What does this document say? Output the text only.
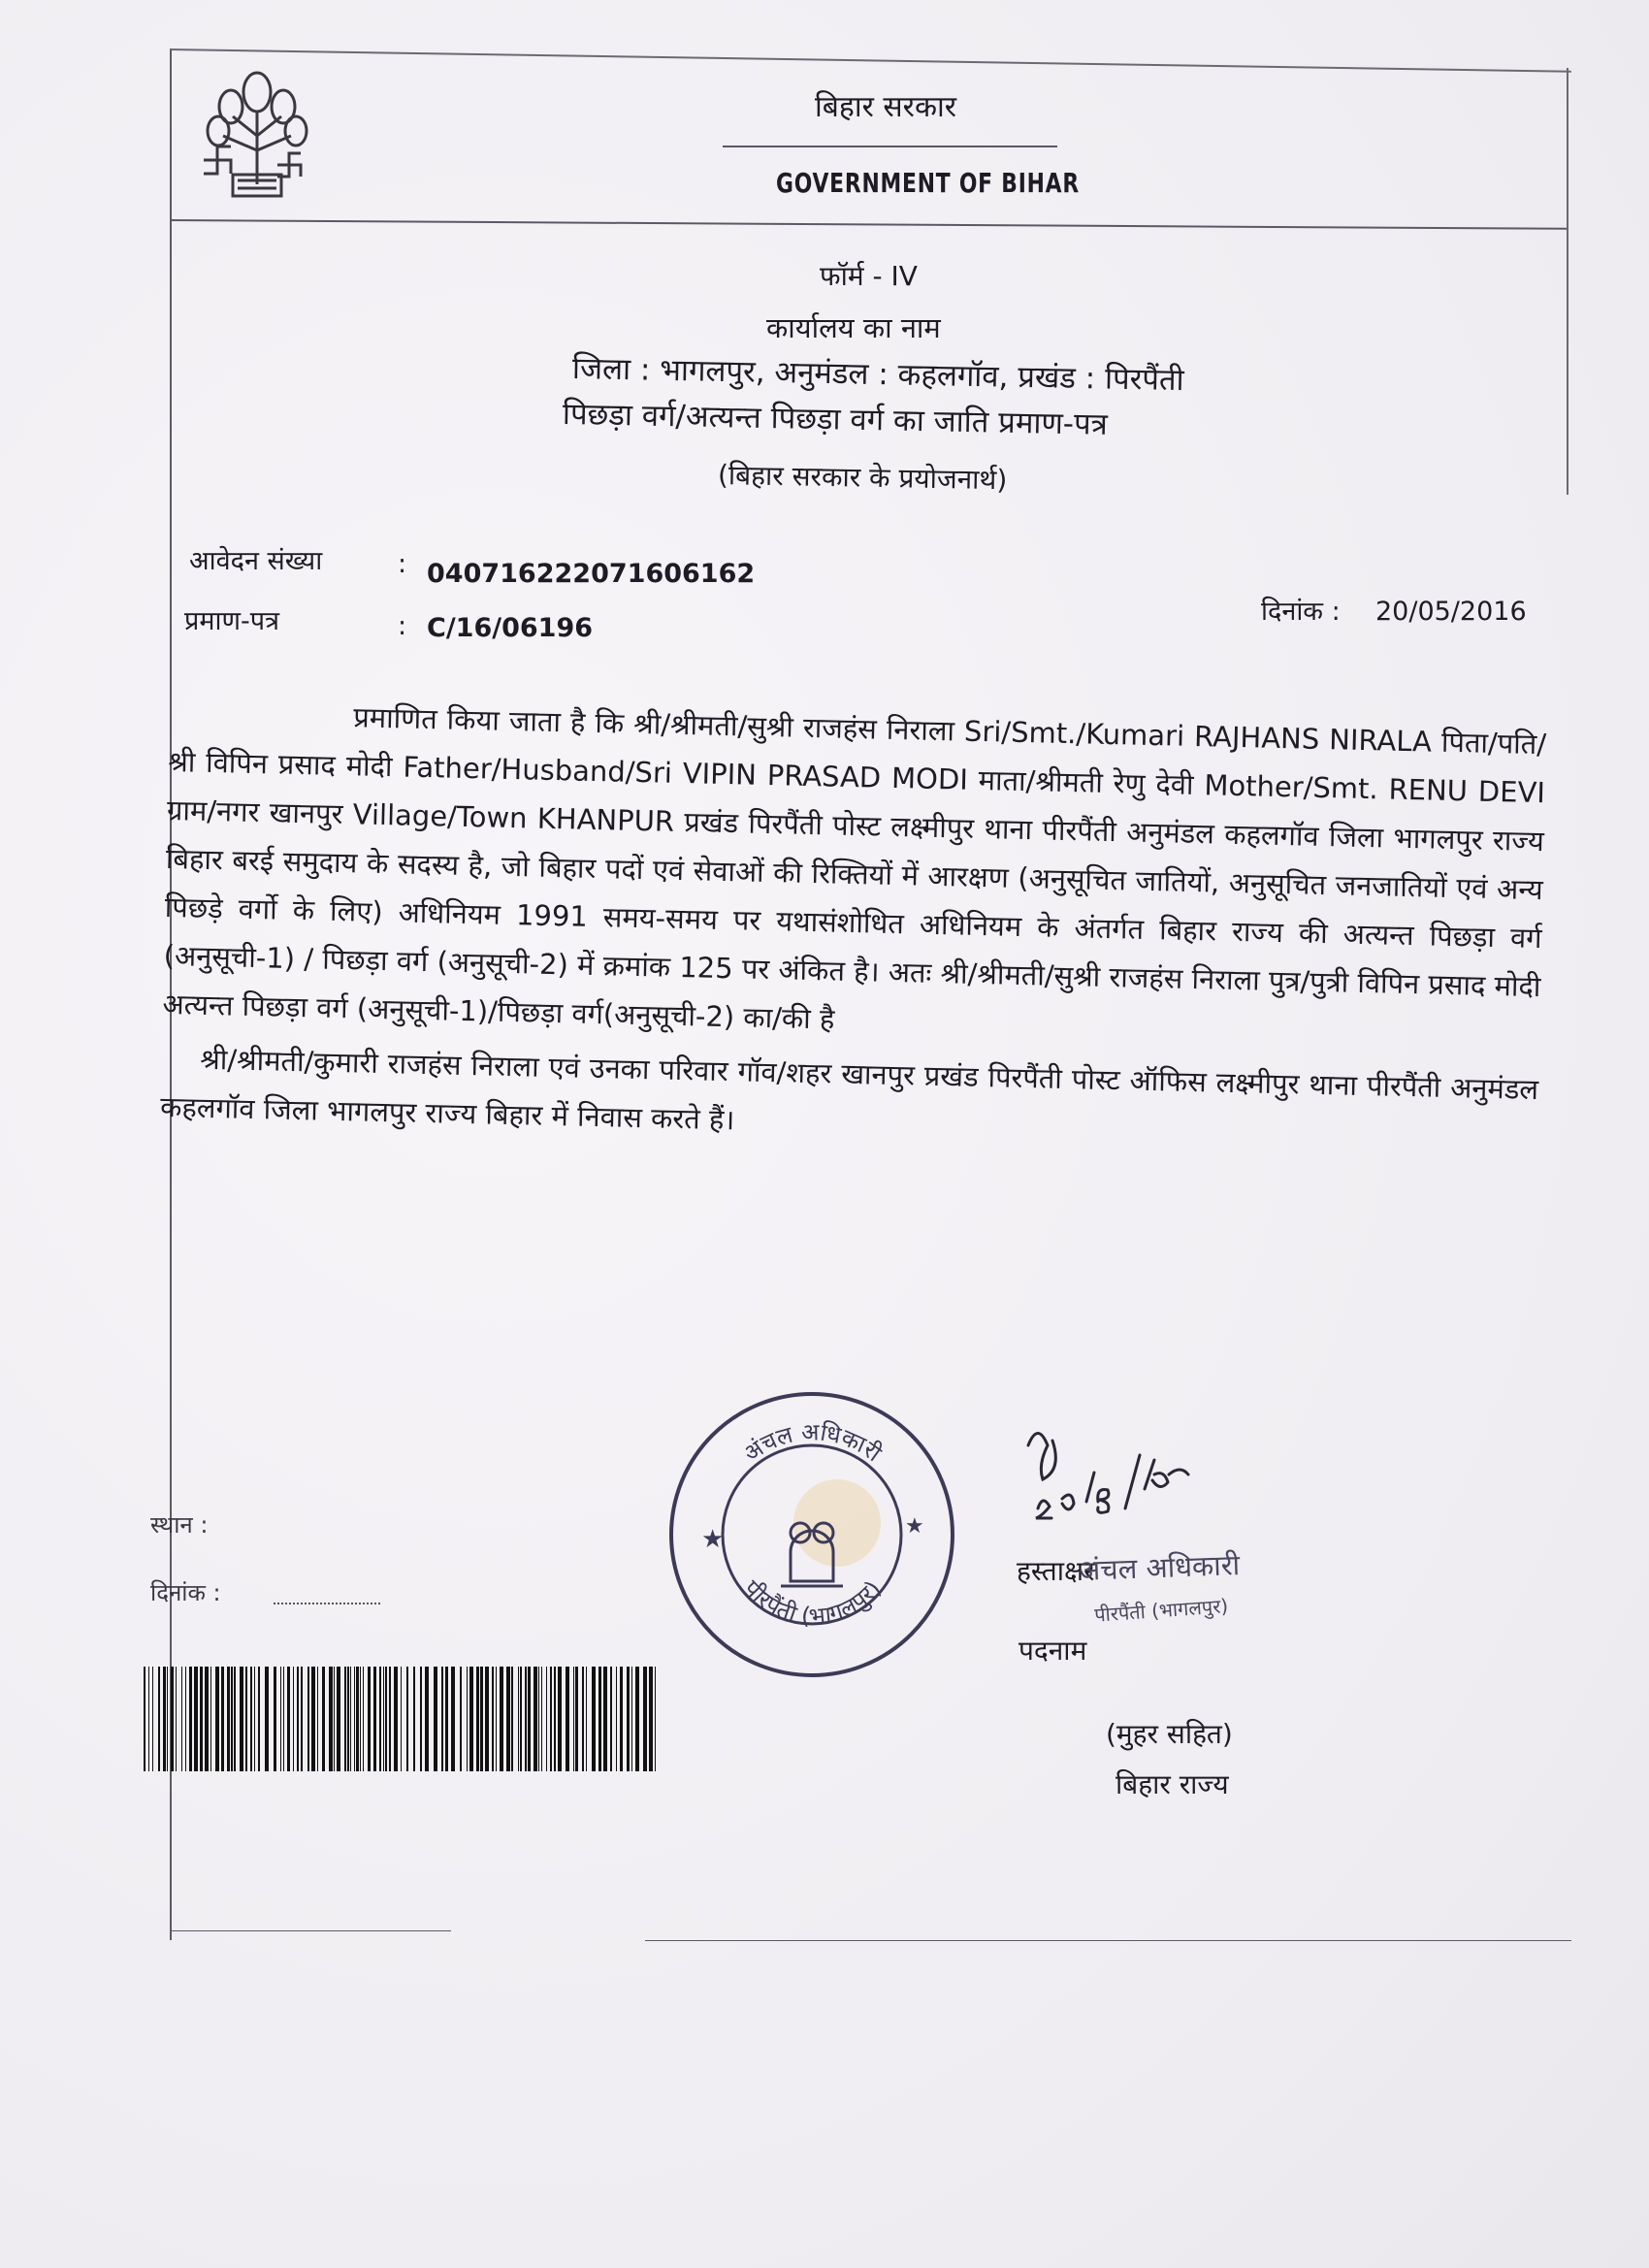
बिहार सरकार
GOVERNMENT OF BIHAR
फॉर्म - IV
कार्यालय का नाम
जिला : भागलपुर, अनुमंडल : कहलगॉव, प्रखंड : पिरपैंती
पिछड़ा वर्ग/अत्यन्त पिछड़ा वर्ग का जाति प्रमाण-पत्र
(बिहार सरकार के प्रयोजनार्थ)
आवेदन संख्या	: 040716222071606162
प्रमाण-पत्र	: C/16/06196
दिनांक : 20/05/2016

प्रमाणित किया जाता है कि श्री/श्रीमती/सुश्री राजहंस निराला Sri/Smt./Kumari RAJHANS NIRALA पिता/पति/श्री विपिन प्रसाद मोदी Father/Husband/Sri VIPIN PRASAD MODI माता/श्रीमती रेणु देवी Mother/Smt. RENU DEVI ग्राम/नगर खानपुर Village/Town KHANPUR प्रखंड पिरपैंती पोस्ट लक्ष्मीपुर थाना पीरपैंती अनुमंडल कहलगॉव जिला भागलपुर राज्य बिहार बरई समुदाय के सदस्य है, जो बिहार पदों एवं सेवाओं की रिक्तियों में आरक्षण (अनुसूचित जातियों, अनुसूचित जनजातियों एवं अन्य पिछड़े वर्गो के लिए) अधिनियम 1991 समय-समय पर यथासंशोधित अधिनियम के अंतर्गत बिहार राज्य की अत्यन्त पिछड़ा वर्ग (अनुसूची-1) / पिछड़ा वर्ग (अनुसूची-2) में क्रमांक 125 पर अंकित है। अतः श्री/श्रीमती/सुश्री राजहंस निराला पुत्र/पुत्री विपिन प्रसाद मोदी अत्यन्त पिछड़ा वर्ग (अनुसूची-1)/पिछड़ा वर्ग(अनुसूची-2) का/की है

श्री/श्रीमती/कुमारी राजहंस निराला एवं उनका परिवार गॉव/शहर खानपुर प्रखंड पिरपैंती पोस्ट ऑफिस लक्ष्मीपुर थाना पीरपैंती अनुमंडल कहलगॉव जिला भागलपुर राज्य बिहार में निवास करते हैं।

स्थान :
दिनांक :
★	★
अंचल अधिकारी
पीरपैंती (भागलपुर)
हस्ताक्षर
अंचल अधिकारी
पीरपैंती (भागलपुर)
पदनाम
(मुहर सहित)
बिहार राज्य
